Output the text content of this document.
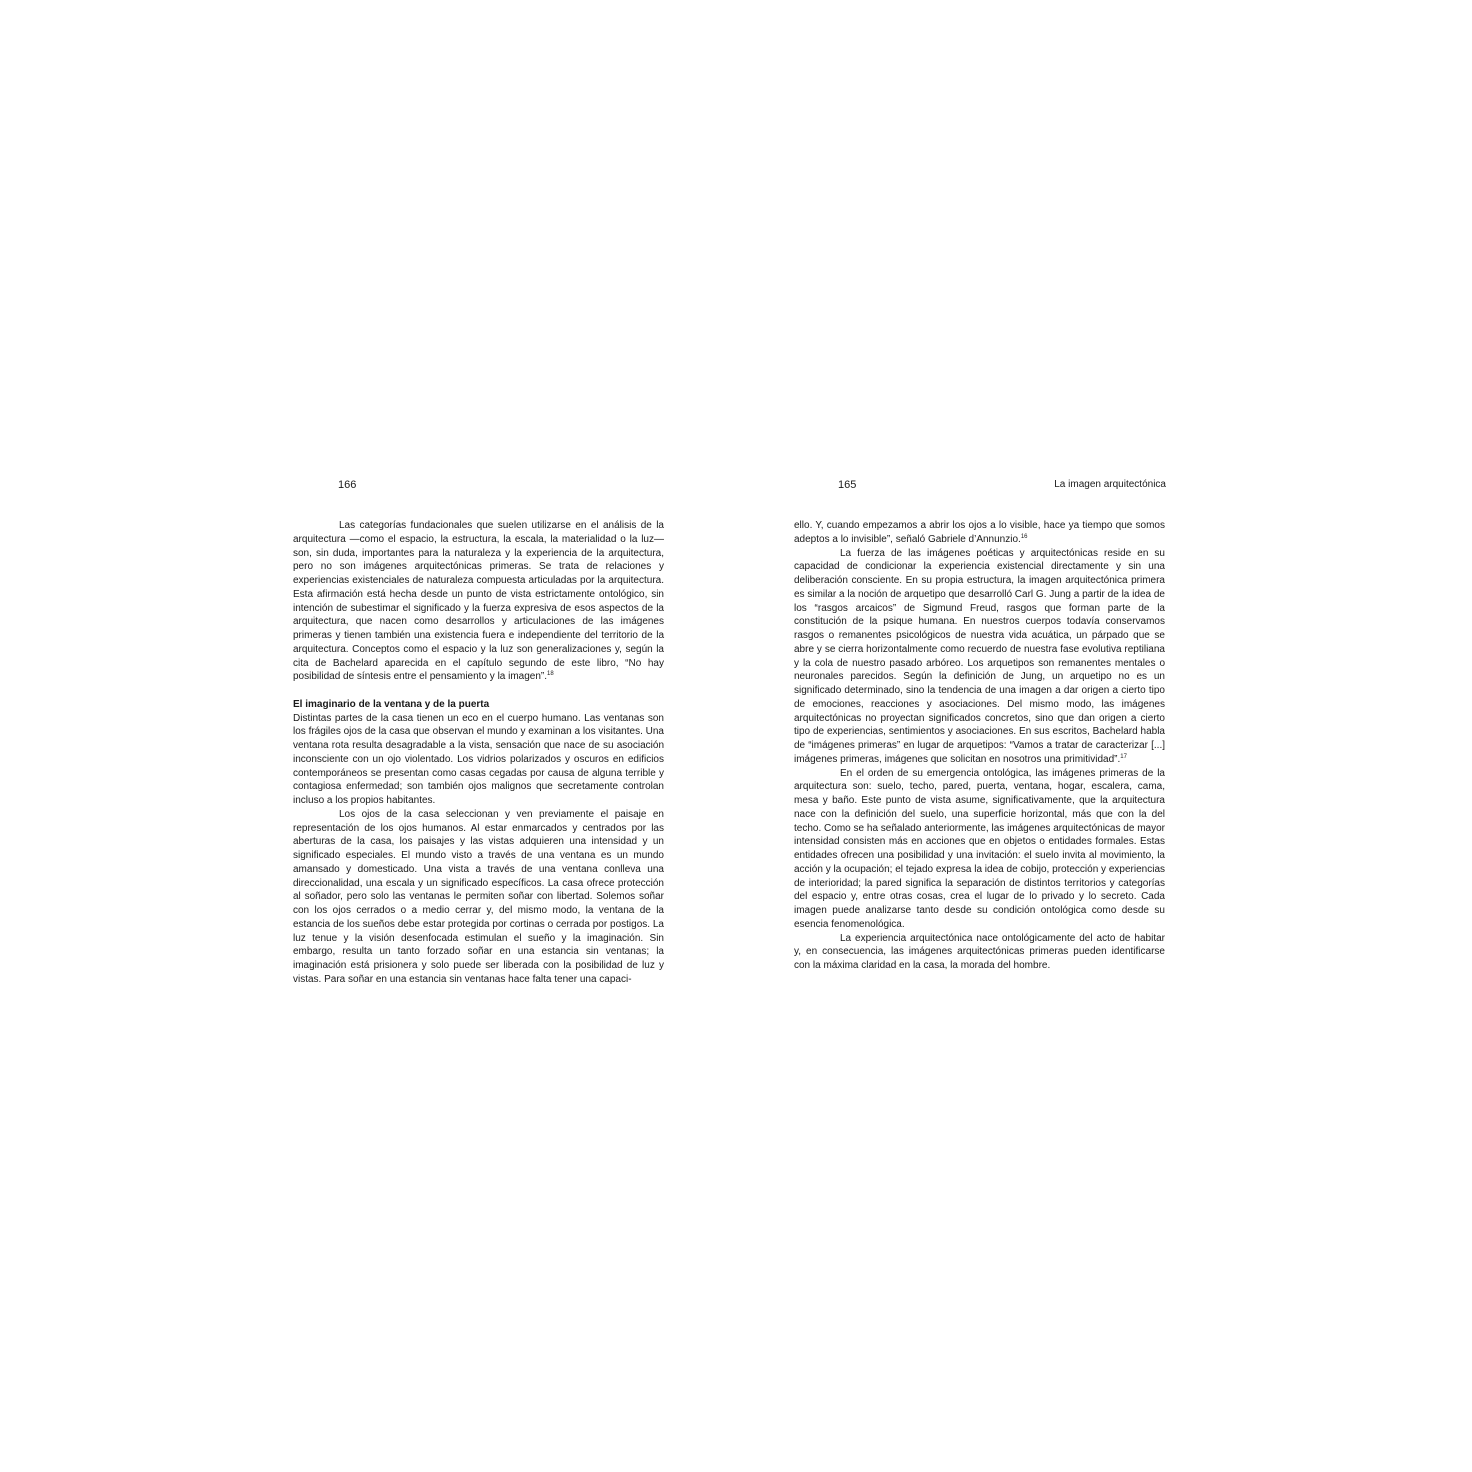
166

Las categorías fundacionales que suelen utilizarse en el análisis de la arquitectura —como el espacio, la estructura, la escala, la materialidad o la luz— son, sin duda, importantes para la naturaleza y la experiencia de la arquitectura, pero no son imágenes arquitectónicas primeras. Se trata de relaciones y experiencias existenciales de naturaleza compuesta articuladas por la arquitectura. Esta afirmación está hecha desde un punto de vista estrictamente ontológico, sin intención de subestimar el significado y la fuerza expresiva de esos aspectos de la arquitectura, que nacen como desarrollos y articulaciones de las imágenes primeras y tienen también una existencia fuera e independiente del territorio de la arquitectura. Conceptos como el espacio y la luz son generalizaciones y, según la cita de Bachelard aparecida en el capítulo segundo de este libro, “No hay posibilidad de síntesis entre el pensamiento y la imagen”.$^{18}$

El imaginario de la ventana y de la puerta

Distintas partes de la casa tienen un eco en el cuerpo humano. Las ventanas son los frágiles ojos de la casa que observan el mundo y examinan a los visitantes. Una ventana rota resulta desagradable a la vista, sensación que nace de su asociación inconsciente con un ojo violentado. Los vidrios polarizados y oscuros en edificios contemporáneos se presentan como casas cegadas por causa de alguna terrible y contagiosa enfermedad; son también ojos malignos que secretamente controlan incluso a los propios habitantes.

Los ojos de la casa seleccionan y ven previamente el paisaje en representación de los ojos humanos. Al estar enmarcados y centrados por las aberturas de la casa, los paisajes y las vistas adquieren una intensidad y un significado especiales. El mundo visto a través de una ventana es un mundo amansado y domesticado. Una vista a través de una ventana conlleva una direccionalidad, una escala y un significado específicos. La casa ofrece protección al soñador, pero solo las ventanas le permiten soñar con libertad. Solemos soñar con los ojos cerrados o a medio cerrar y, del mismo modo, la ventana de la estancia de los sueños debe estar protegida por cortinas o cerrada por postigos. La luz tenue y la visión desenfocada estimulan el sueño y la imaginación. Sin embargo, resulta un tanto forzado soñar en una estancia sin ventanas; la imaginación está prisionera y solo puede ser liberada con la posibilidad de luz y vistas. Para soñar en una estancia sin ventanas hace falta tener una capaci-

165	La imagen arquitectónica

ello. Y, cuando empezamos a abrir los ojos a lo visible, hace ya tiempo que somos adeptos a lo invisible”, señaló Gabriele d’Annunzio.$^{16}$

La fuerza de las imágenes poéticas y arquitectónicas reside en su capacidad de condicionar la experiencia existencial directamente y sin una deliberación consciente. En su propia estructura, la imagen arquitectónica primera es similar a la noción de arquetipo que desarrolló Carl G. Jung a partir de la idea de los “rasgos arcaicos” de Sigmund Freud, rasgos que forman parte de la constitución de la psique humana. En nuestros cuerpos todavía conservamos rasgos o remanentes psicológicos de nuestra vida acuática, un párpado que se abre y se cierra horizontalmente como recuerdo de nuestra fase evolutiva reptiliana y la cola de nuestro pasado arbóreo. Los arquetipos son remanentes mentales o neuronales parecidos. Según la definición de Jung, un arquetipo no es un significado determinado, sino la tendencia de una imagen a dar origen a cierto tipo de emociones, reacciones y asociaciones. Del mismo modo, las imágenes arquitectónicas no proyectan significados concretos, sino que dan origen a cierto tipo de experiencias, sentimientos y asociaciones. En sus escritos, Bachelard habla de “imágenes primeras” en lugar de arquetipos: “Vamos a tratar de caracterizar [...] imágenes primeras, imágenes que solicitan en nosotros una primitividad”.$^{17}$

En el orden de su emergencia ontológica, las imágenes primeras de la arquitectura son: suelo, techo, pared, puerta, ventana, hogar, escalera, cama, mesa y baño. Este punto de vista asume, significativamente, que la arquitectura nace con la definición del suelo, una superficie horizontal, más que con la del techo. Como se ha señalado anteriormente, las imágenes arquitectónicas de mayor intensidad consisten más en acciones que en objetos o entidades formales. Estas entidades ofrecen una posibilidad y una invitación: el suelo invita al movimiento, la acción y la ocupación; el tejado expresa la idea de cobijo, protección y experiencias de interioridad; la pared significa la separación de distintos territorios y categorías del espacio y, entre otras cosas, crea el lugar de lo privado y lo secreto. Cada imagen puede analizarse tanto desde su condición ontológica como desde su esencia fenomenológica.

La experiencia arquitectónica nace ontológicamente del acto de habitar y, en consecuencia, las imágenes arquitectónicas primeras pueden identificarse con la máxima claridad en la casa, la morada del hombre.
